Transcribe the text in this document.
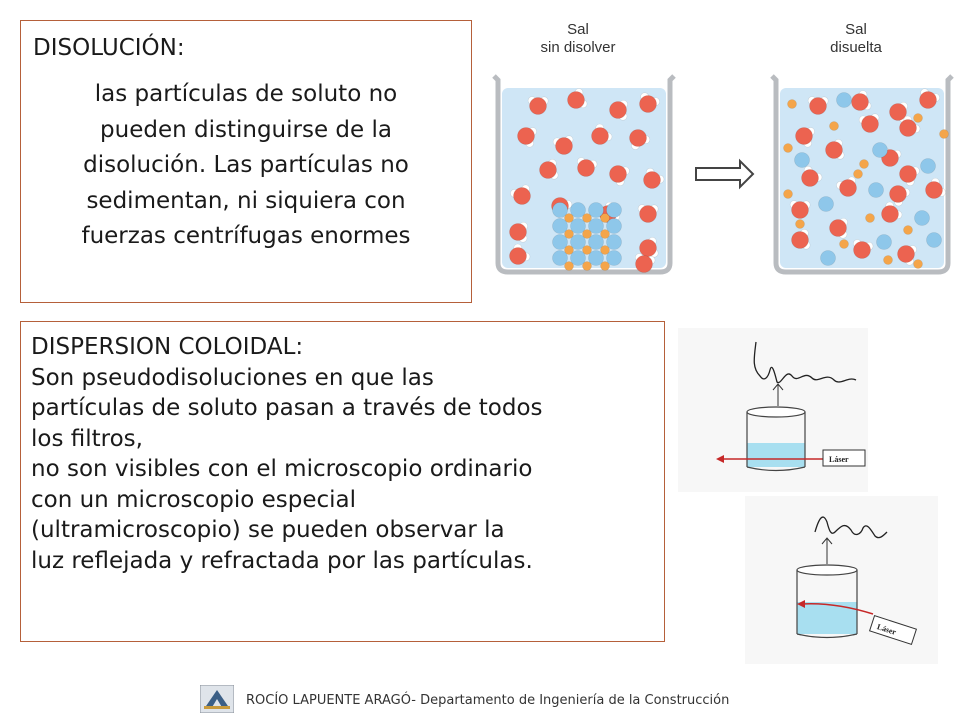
DISOLUCIÓN:
las partículas de soluto no
pueden distinguirse de la
disolución. Las partículas no
sedimentan, ni siquiera con
fuerzas centrífugas enormes
DISPERSION COLOIDAL:
Son pseudodisoluciones en que las
partículas de soluto pasan a través de todos
los filtros,
no son visibles con el microscopio ordinario
con un microscopio especial
(ultramicroscopio) se pueden observar la
luz reflejada y refractada por las partículas.
Sal
sin disolver
Sal
disuelta
Láser
Láser
ROCÍO LAPUENTE ARAGÓ- Departamento de Ingeniería de la Construcción
